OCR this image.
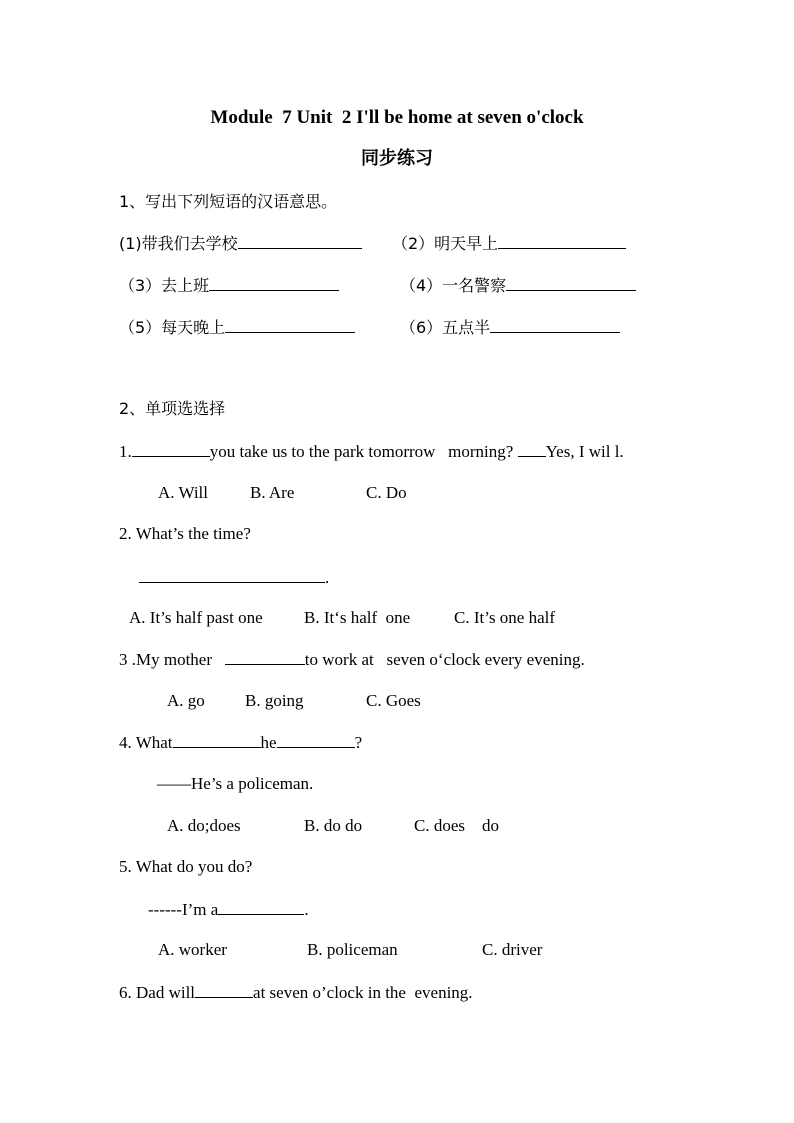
Module  7 Unit  2 I'll be home at seven o'clock
同步练习
1、写出下列短语的汉语意思。
(1)带我们去学校	（2）明天早上
（3）去上班	（4）一名警察
（5）每天晚上	（6）五点半
2、单项选选择
1.	you take us to the park tomorrow   morning? Yes, I wil l.
A. Will B. Are	C. Do
2. What’s the time?
.
A. It’s half past one B. It‘s half  one	C. It’s one half
3 .My mother	to work at   seven o‘clock every evening.
A. go B. going	C. Goes
4. What	he	?
——He’s a policeman.
A. do;does	B. do do	C. does    do
5. What do you do?
------I’m a	.
A. worker	B. policeman	C. driver
6. Dad will	at seven o’clock in the  evening.
